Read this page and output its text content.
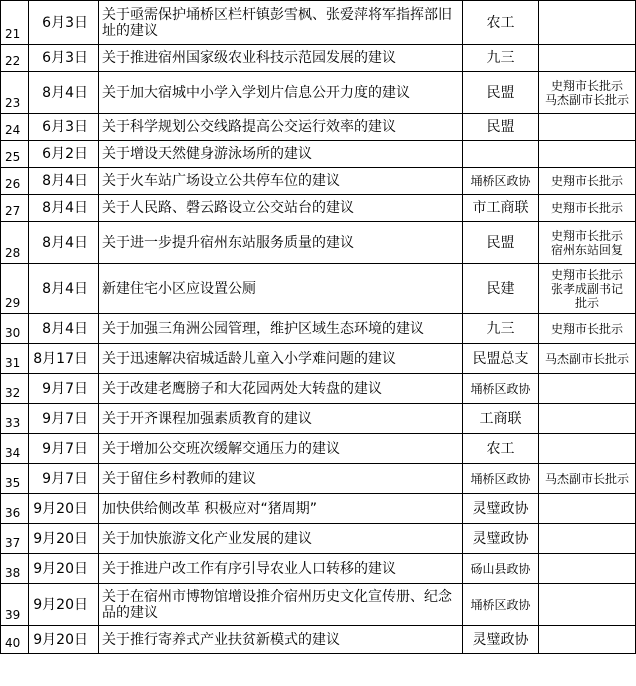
21	6月3日	关于亟需保护埇桥区栏杆镇彭雪枫、张爱萍将军指挥部旧址的建议	农工	
22	6月3日	关于推进宿州国家级农业科技示范园发展的建议	九三	
23	8月4日	关于加大宿城中小学入学划片信息公开力度的建议	民盟	史翔市长批示
马杰副市长批示
24	6月3日	关于科学规划公交线路提高公交运行效率的建议	民盟	
25	6月2日	关于增设天然健身游泳场所的建议		
26	8月4日	关于火车站广场设立公共停车位的建议	埇桥区政协	史翔市长批示
27	8月4日	关于人民路、磬云路设立公交站台的建议	市工商联	史翔市长批示
28	8月4日	关于进一步提升宿州东站服务质量的建议	民盟	史翔市长批示
宿州东站回复
29	8月4日	新建住宅小区应设置公厕	民建	史翔市长批示
张孝成副书记
批示
30	8月4日	关于加强三角洲公园管理，维护区域生态环境的建议	九三	史翔市长批示
31	8月17日	关于迅速解决宿城适龄儿童入小学难问题的建议	民盟总支	马杰副市长批示
32	9月7日	关于改建老鹰膀子和大花园两处大转盘的建议	埇桥区政协	
33	9月7日	关于开齐课程加强素质教育的建议	工商联	
34	9月7日	关于增加公交班次缓解交通压力的建议	农工	
35	9月7日	关于留住乡村教师的建议	埇桥区政协	马杰副市长批示
36	9月20日	加快供给侧改革 积极应对“猪周期”	灵璧政协	
37	9月20日	关于加快旅游文化产业发展的建议	灵璧政协	
38	9月20日	关于推进户改工作有序引导农业人口转移的建议	砀山县政协	
39	9月20日	关于在宿州市博物馆增设推介宿州历史文化宣传册、纪念品的建议	埇桥区政协	
40	9月20日	关于推行寄养式产业扶贫新模式的建议	灵璧政协	
